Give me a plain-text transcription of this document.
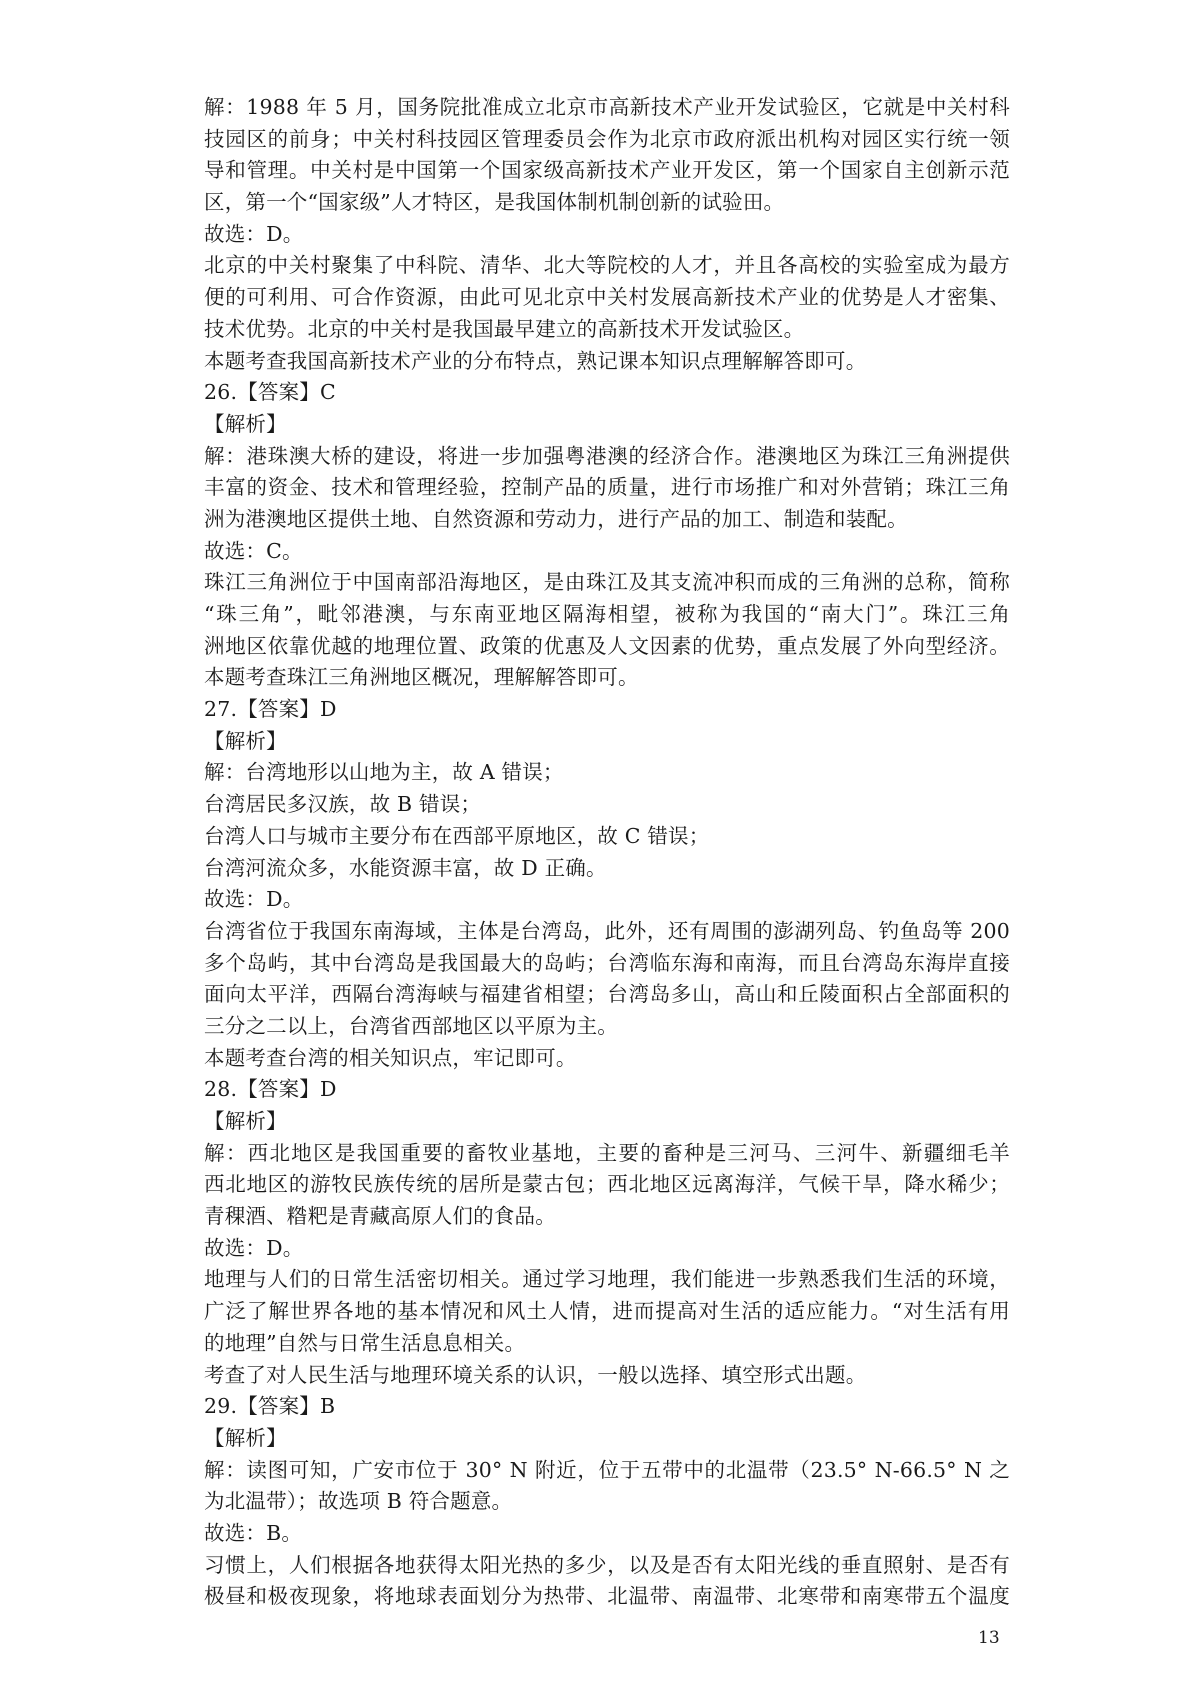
解：1988 年 5 月，国务院批准成立北京市高新技术产业开发试验区，它就是中关村科
技园区的前身；中关村科技园区管理委员会作为北京市政府派出机构对园区实行统一领
导和管理。中关村是中国第一个国家级高新技术产业开发区，第一个国家自主创新示范
区，第一个“国家级”人才特区，是我国体制机制创新的试验田。
故选：D。
北京的中关村聚集了中科院、清华、北大等院校的人才，并且各高校的实验室成为最方
便的可利用、可合作资源，由此可见北京中关村发展高新技术产业的优势是人才密集、
技术优势。北京的中关村是我国最早建立的高新技术开发试验区。
本题考查我国高新技术产业的分布特点，熟记课本知识点理解解答即可。
26.【答案】C
【解析】
解：港珠澳大桥的建设，将进一步加强粤港澳的经济合作。港澳地区为珠江三角洲提供
丰富的资金、技术和管理经验，控制产品的质量，进行市场推广和对外营销；珠江三角
洲为港澳地区提供土地、自然资源和劳动力，进行产品的加工、制造和装配。
故选：C。
珠江三角洲位于中国南部沿海地区，是由珠江及其支流冲积而成的三角洲的总称，简称
“珠三角”，毗邻港澳，与东南亚地区隔海相望，被称为我国的“南大门”。珠江三角
洲地区依靠优越的地理位置、政策的优惠及人文因素的优势，重点发展了外向型经济。
本题考查珠江三角洲地区概况，理解解答即可。
27.【答案】D
【解析】
解：台湾地形以山地为主，故 A 错误；
台湾居民多汉族，故 B 错误；
台湾人口与城市主要分布在西部平原地区，故 C 错误；
台湾河流众多，水能资源丰富，故 D 正确。
故选：D。
台湾省位于我国东南海域，主体是台湾岛，此外，还有周围的澎湖列岛、钓鱼岛等 200
多个岛屿，其中台湾岛是我国最大的岛屿；台湾临东海和南海，而且台湾岛东海岸直接
面向太平洋，西隔台湾海峡与福建省相望；台湾岛多山，高山和丘陵面积占全部面积的
三分之二以上，台湾省西部地区以平原为主。
本题考查台湾的相关知识点，牢记即可。
28.【答案】D
【解析】
解：西北地区是我国重要的畜牧业基地，主要的畜种是三河马、三河牛、新疆细毛羊
西北地区的游牧民族传统的居所是蒙古包；西北地区远离海洋，气候干旱，降水稀少；
青稞酒、糌粑是青藏高原人们的食品。
故选：D。
地理与人们的日常生活密切相关。通过学习地理，我们能进一步熟悉我们生活的环境，
广泛了解世界各地的基本情况和风土人情，进而提高对生活的适应能力。“对生活有用
的地理”自然与日常生活息息相关。
考查了对人民生活与地理环境关系的认识，一般以选择、填空形式出题。
29.【答案】B
【解析】
解：读图可知，广安市位于 30° N 附近，位于五带中的北温带（23.5° N-66.5° N 之
为北温带）；故选项 B 符合题意。
故选：B。
习惯上，人们根据各地获得太阳光热的多少，以及是否有太阳光线的垂直照射、是否有
极昼和极夜现象，将地球表面划分为热带、北温带、南温带、北寒带和南寒带五个温度
13
